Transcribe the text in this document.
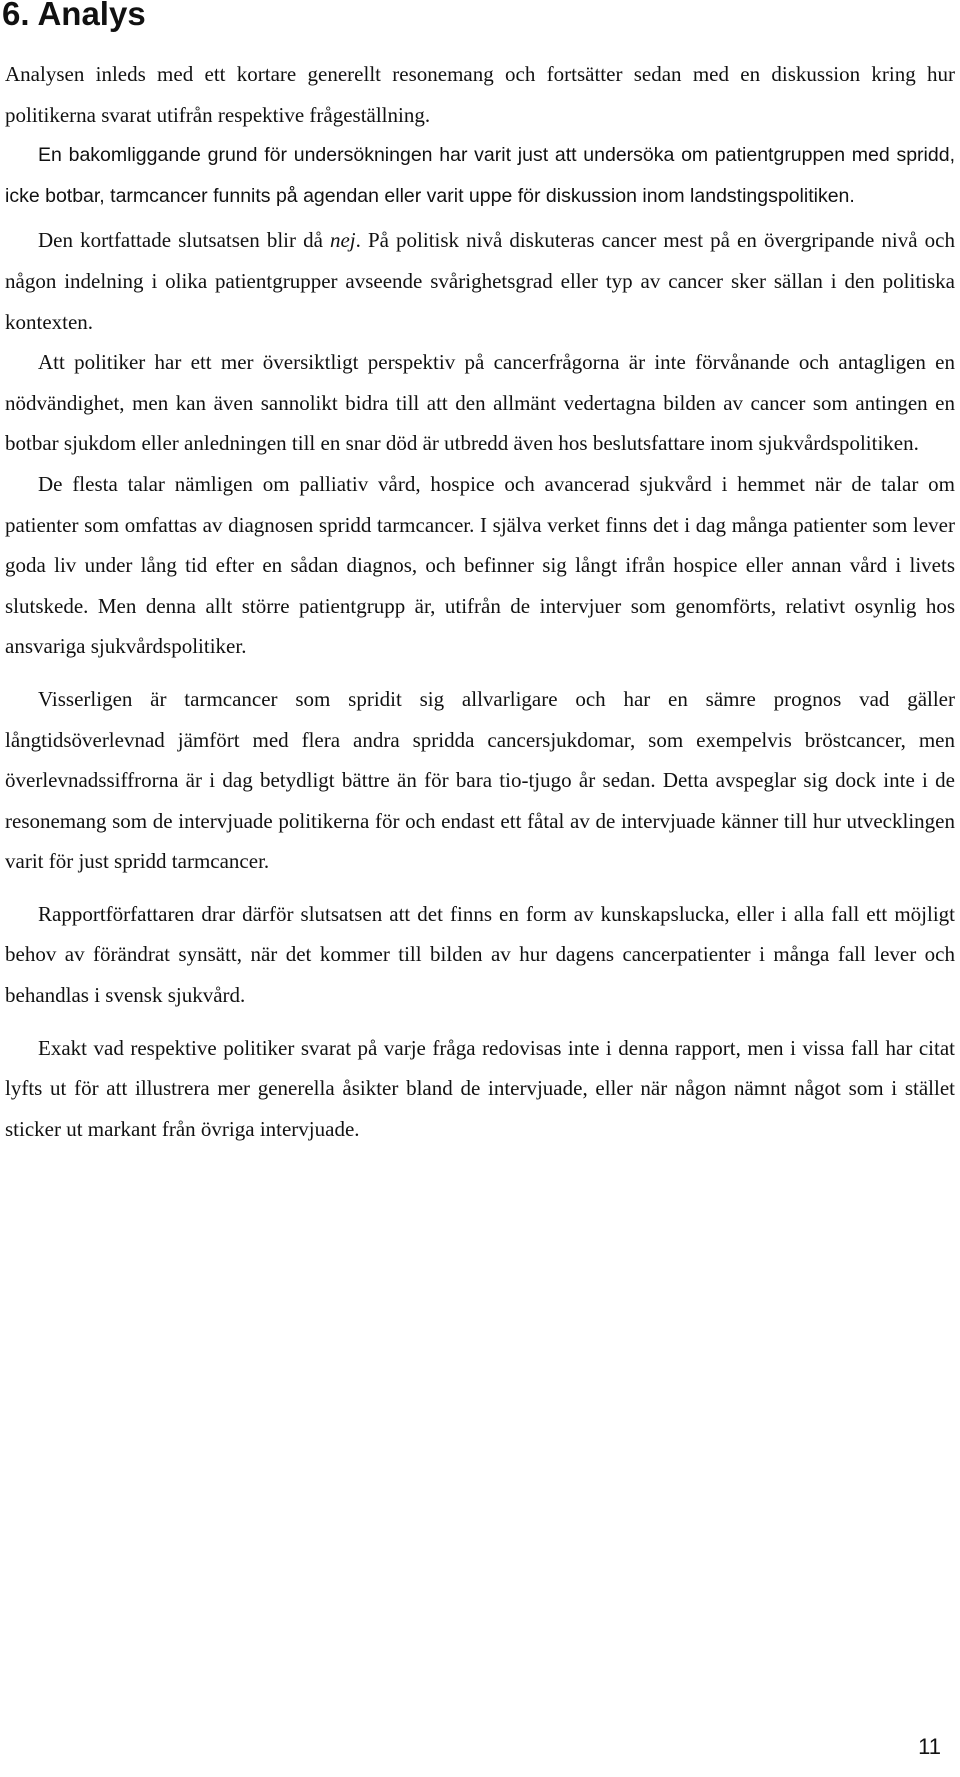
6. Analys

Analysen inleds med ett kortare generellt resonemang och fortsätter sedan med en diskussion kring hur politikerna svarat utifrån respektive frågeställning.

En bakomliggande grund för undersökningen har varit just att undersöka om patientgruppen med spridd, icke botbar, tarmcancer funnits på agendan eller varit uppe för diskussion inom landstingspolitiken.

Den kortfattade slutsatsen blir då nej. På politisk nivå diskuteras cancer mest på en övergripande nivå och någon indelning i olika patientgrupper avseende svårighetsgrad eller typ av cancer sker sällan i den politiska kontexten.

Att politiker har ett mer översiktligt perspektiv på cancerfrågorna är inte förvånande och antagligen en nödvändighet, men kan även sannolikt bidra till att den allmänt vedertagna bilden av cancer som antingen en botbar sjukdom eller anledningen till en snar död är utbredd även hos beslutsfattare inom sjukvårdspolitiken.

De flesta talar nämligen om palliativ vård, hospice och avancerad sjukvård i hemmet när de talar om patienter som omfattas av diagnosen spridd tarmcancer. I själva verket finns det i dag många patienter som lever goda liv under lång tid efter en sådan diagnos, och befinner sig långt ifrån hospice eller annan vård i livets slutskede. Men denna allt större patientgrupp är, utifrån de intervjuer som genomförts, relativt osynlig hos ansvariga sjukvårdspolitiker.

Visserligen är tarmcancer som spridit sig allvarligare och har en sämre prognos vad gäller långtidsöverlevnad jämfört med flera andra spridda cancersjukdomar, som exempelvis bröstcancer, men överlevnadssiffrorna är i dag betydligt bättre än för bara tio-tjugo år sedan. Detta avspeglar sig dock inte i de resonemang som de intervjuade politikerna för och endast ett fåtal av de intervjuade känner till hur utvecklingen varit för just spridd tarmcancer.

Rapportförfattaren drar därför slutsatsen att det finns en form av kunskapslucka, eller i alla fall ett möjligt behov av förändrat synsätt, när det kommer till bilden av hur dagens cancerpatienter i många fall lever och behandlas i svensk sjukvård.

Exakt vad respektive politiker svarat på varje fråga redovisas inte i denna rapport, men i vissa fall har citat lyfts ut för att illustrera mer generella åsikter bland de intervjuade, eller när någon nämnt något som i stället sticker ut markant från övriga intervjuade.

11
